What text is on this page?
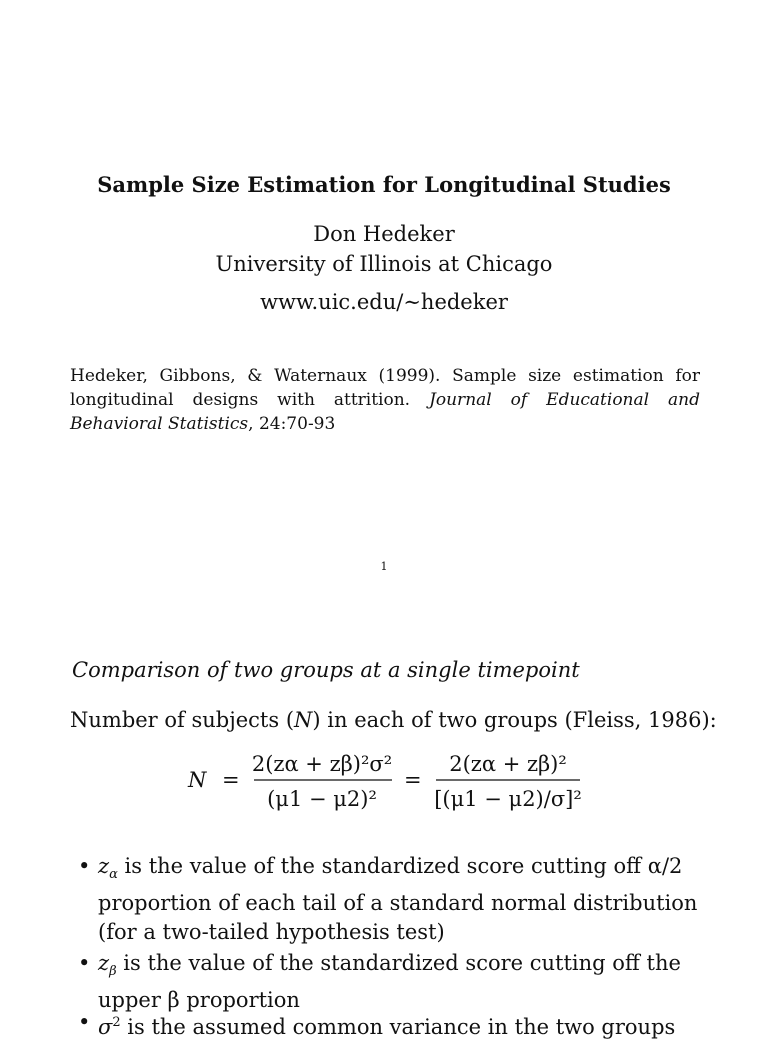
Sample Size Estimation for Longitudinal Studies
Don Hedeker
University of Illinois at Chicago
www.uic.edu/∼hedeker
Hedeker, Gibbons, & Waternaux (1999). Sample size estimation for longitudinal designs with attrition. Journal of Educational and Behavioral Statistics, 24:70-93
1
Comparison of two groups at a single timepoint
Number of subjects (N) in each of two groups (Fleiss, 1986):
N =
2(zα + zβ)²σ²
(μ1 − μ2)²
=
2(zα + zβ)²
[(μ1 − μ2)/σ]²
• $z_\alpha$ is the value of the standardized score cutting off α/2 proportion of each tail of a standard normal distribution (for a two-tailed hypothesis test)
• $z_\beta$ is the value of the standardized score cutting off the upper β proportion
• $\sigma^2$ is the assumed common variance in the two groups
